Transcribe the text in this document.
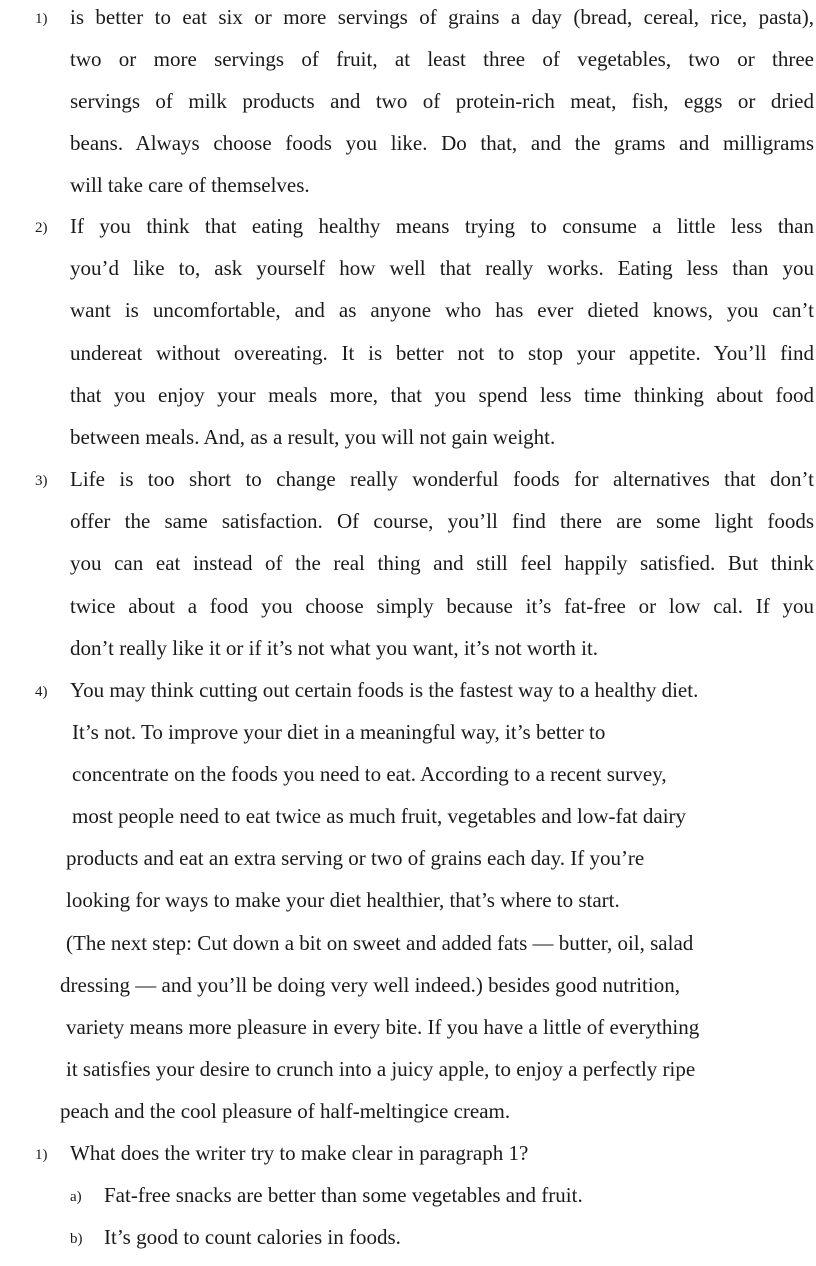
1) is better to eat six or more servings of grains a day (bread, cereal, rice, pasta),
two or more servings of fruit, at least three of vegetables, two or three
servings of milk products and two of protein-rich meat, fish, eggs or dried
beans. Always choose foods you like. Do that, and the grams and milligrams
will take care of themselves.
2) If you think that eating healthy means trying to consume a little less than
you’d like to, ask yourself how well that really works. Eating less than you
want is uncomfortable, and as anyone who has ever dieted knows, you can’t
undereat without overeating. It is better not to stop your appetite. You’ll find
that you enjoy your meals more, that you spend less time thinking about food
between meals. And, as a result, you will not gain weight.
3) Life is too short to change really wonderful foods for alternatives that don’t
offer the same satisfaction. Of course, you’ll find there are some light foods
you can eat instead of the real thing and still feel happily satisfied. But think
twice about a food you choose simply because it’s fat-free or low cal. If you
don’t really like it or if it’s not what you want, it’s not worth it.
4) You may think cutting out certain foods is the fastest way to a healthy diet.
It’s not. To improve your diet in a meaningful way, it’s better to
concentrate on the foods you need to eat. According to a recent survey,
most people need to eat twice as much fruit, vegetables and low-fat dairy
products and eat an extra serving or two of grains each day. If you’re
looking for ways to make your diet healthier, that’s where to start.
(The next step: Cut down a bit on sweet and added fats — butter, oil, salad
dressing — and you’ll be doing very well indeed.) besides good nutrition,
variety means more pleasure in every bite. If you have a little of everything
it satisfies your desire to crunch into a juicy apple, to enjoy a perfectly ripe
peach and the cool pleasure of half-meltingice cream.
1) What does the writer try to make clear in paragraph 1?
a) Fat-free snacks are better than some vegetables and fruit.
b) It’s good to count calories in foods.
